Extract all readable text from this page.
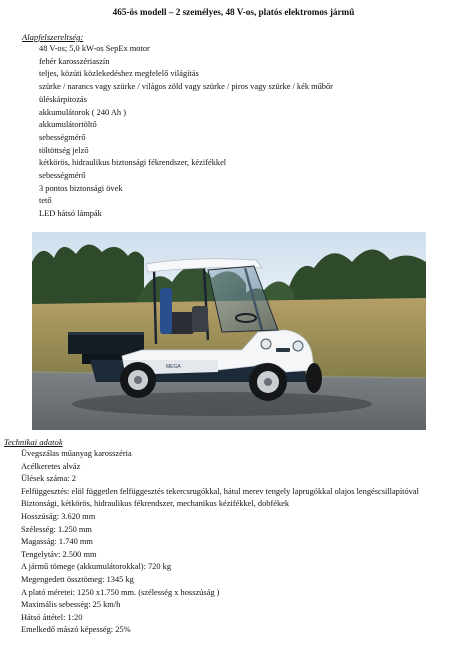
465-ös modell – 2 személyes, 48 V-os, platós elektromos jármű
Alapfelszereltség:
48 V-os; 5,0 kW-os SepEx motor
fehér karosszériaszín
teljes, közúti közlekedéshez megfelelő világítás
szürke / narancs vagy szürke / világos zöld vagy szürke / piros vagy szürke / kék műbőr
üléskárpitozás
akkumulátorok ( 240 Ah )
akkumulátortöltő
sebességmérő
töltöttség jelző
kétkörös, hidraulikus biztonsági fékrendszer, kézifékkel
sebességmérő
3 pontos biztonsági övek
tető
LED hátsó lámpák
MEGA
Technikai adatok
Üvegszálas műanyag karosszéria
Acélkeretes alváz
Ülések száma: 2
Felfüggesztés: elöl független felfüggesztés tekercsrugókkal, hátul merev tengely laprugókkal olajos lengéscsillapítóval
Biztonsági, kétkörös, hidraulikus fékrendszer, mechanikus kézifékkel, dobfékek
Hosszúság: 3.620 mm
Szélesség: 1.250 mm
Magasság: 1.740 mm
Tengelytáv: 2.500 mm
A jármű tömege (akkumulátorokkal): 720 kg
Megengedett össztömeg: 1345 kg
A plató méretei: 1250 x1.750 mm. (szélesség x hosszúság )
Maximális sebesség: 25 km/h
Hátsó áttétel: 1:20
Emelkedő mászó képesség: 25%
